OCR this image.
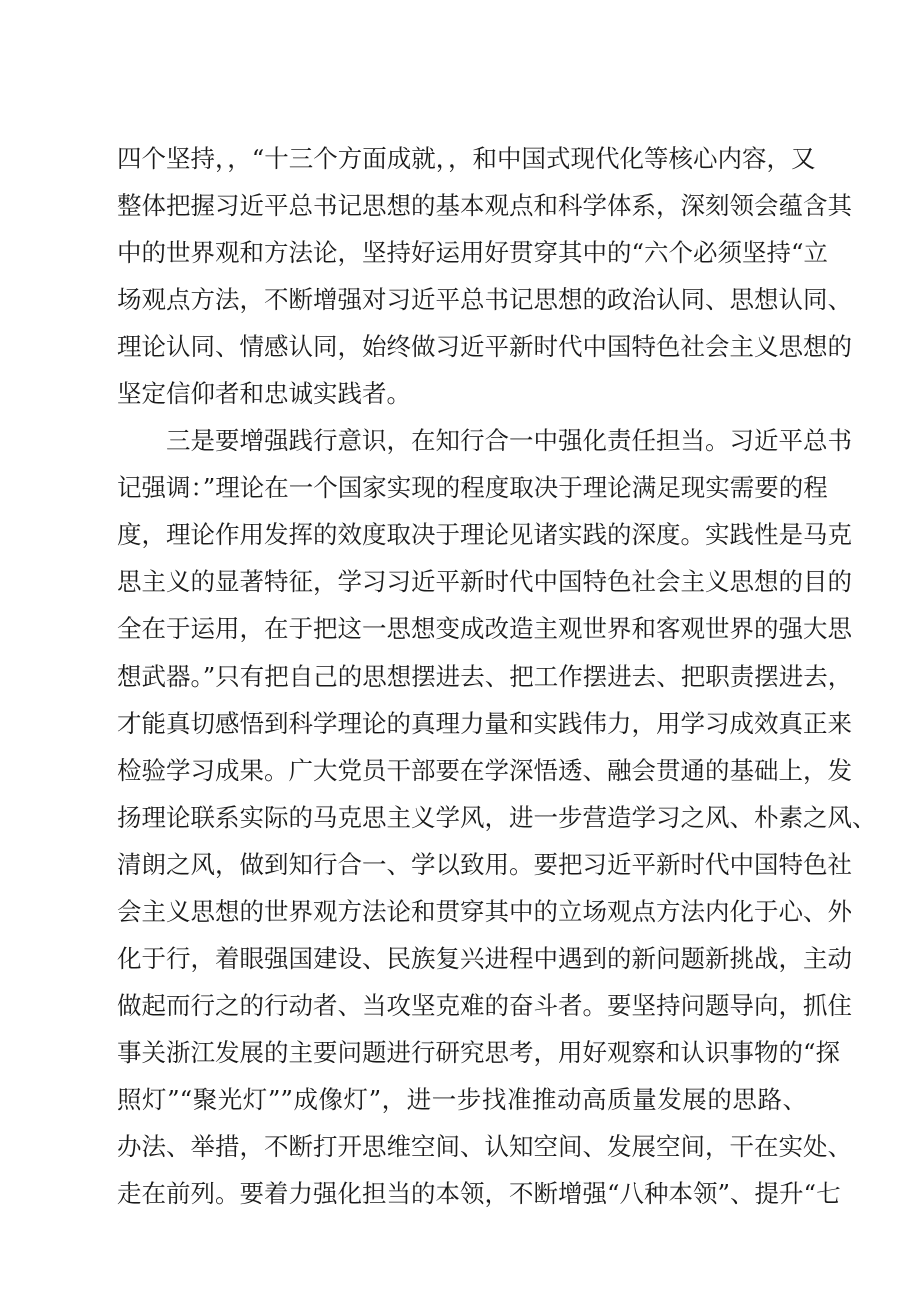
四个坚持，，“十三个方面成就，，和中国式现代化等核心内容，又
整体把握习近平总书记思想的基本观点和科学体系，深刻领会蕴含其
中的世界观和方法论，坚持好运用好贯穿其中的“六个必须坚持“立
场观点方法，不断增强对习近平总书记思想的政治认同、思想认同、
理论认同、情感认同，始终做习近平新时代中国特色社会主义思想的
坚定信仰者和忠诚实践者。
三是要增强践行意识，在知行合一中强化责任担当。习近平总书
记强调：”理论在一个国家实现的程度取决于理论满足现实需要的程
度，理论作用发挥的效度取决于理论见诸实践的深度。实践性是马克
思主义的显著特征，学习习近平新时代中国特色社会主义思想的目的
全在于运用，在于把这一思想变成改造主观世界和客观世界的强大思
想武器。”只有把自己的思想摆进去、把工作摆进去、把职责摆进去，
才能真切感悟到科学理论的真理力量和实践伟力，用学习成效真正来
检验学习成果。广大党员干部要在学深悟透、融会贯通的基础上，发
扬理论联系实际的马克思主义学风，进一步营造学习之风、朴素之风、
清朗之风，做到知行合一、学以致用。要把习近平新时代中国特色社
会主义思想的世界观方法论和贯穿其中的立场观点方法内化于心、外
化于行，着眼强国建设、民族复兴进程中遇到的新问题新挑战，主动
做起而行之的行动者、当攻坚克难的奋斗者。要坚持问题导向，抓住
事关浙江发展的主要问题进行研究思考，用好观察和认识事物的“探
照灯”“聚光灯””成像灯”，进一步找准推动高质量发展的思路、
办法、举措，不断打开思维空间、认知空间、发展空间，干在实处、
走在前列。要着力强化担当的本领，不断增强“八种本领”、提升“七
